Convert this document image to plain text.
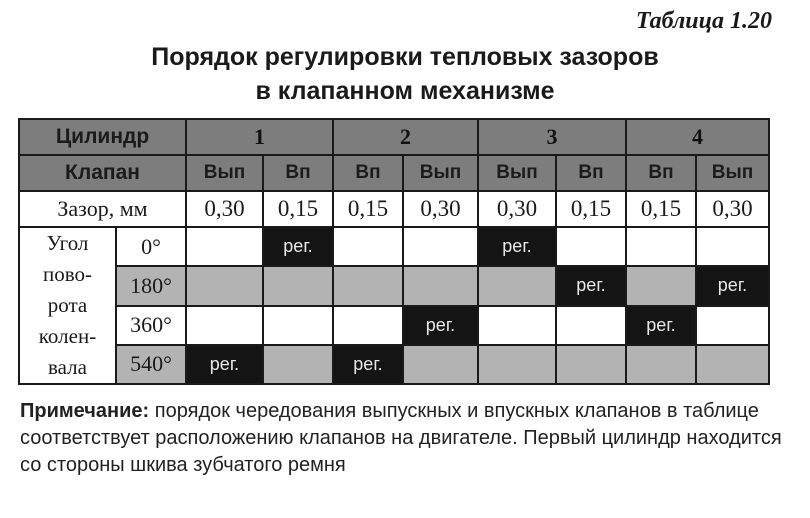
Таблица 1.20
Порядок регулировки тепловых зазоров
в клапанном механизме
Цилиндр		1		2		3		4	
Клапан		Вып	Вп	Вп	Вып	Вып	Вп	Вп	Вып
Зазор, мм		0,30	0,15	0,15	0,30	0,30	0,15	0,15	0,30

Угол
пово-
рота
колен-
вала	0°		рег.			рег.			
	180°						рег.		рег.
	360°				рег.			рег.	
	540°	рег.		рег.					
Примечание: порядок чередования выпускных и впускных клапанов в таблице соответствует расположению клапанов на двигателе. Первый цилиндр находится со стороны шкива зубчатого ремня
